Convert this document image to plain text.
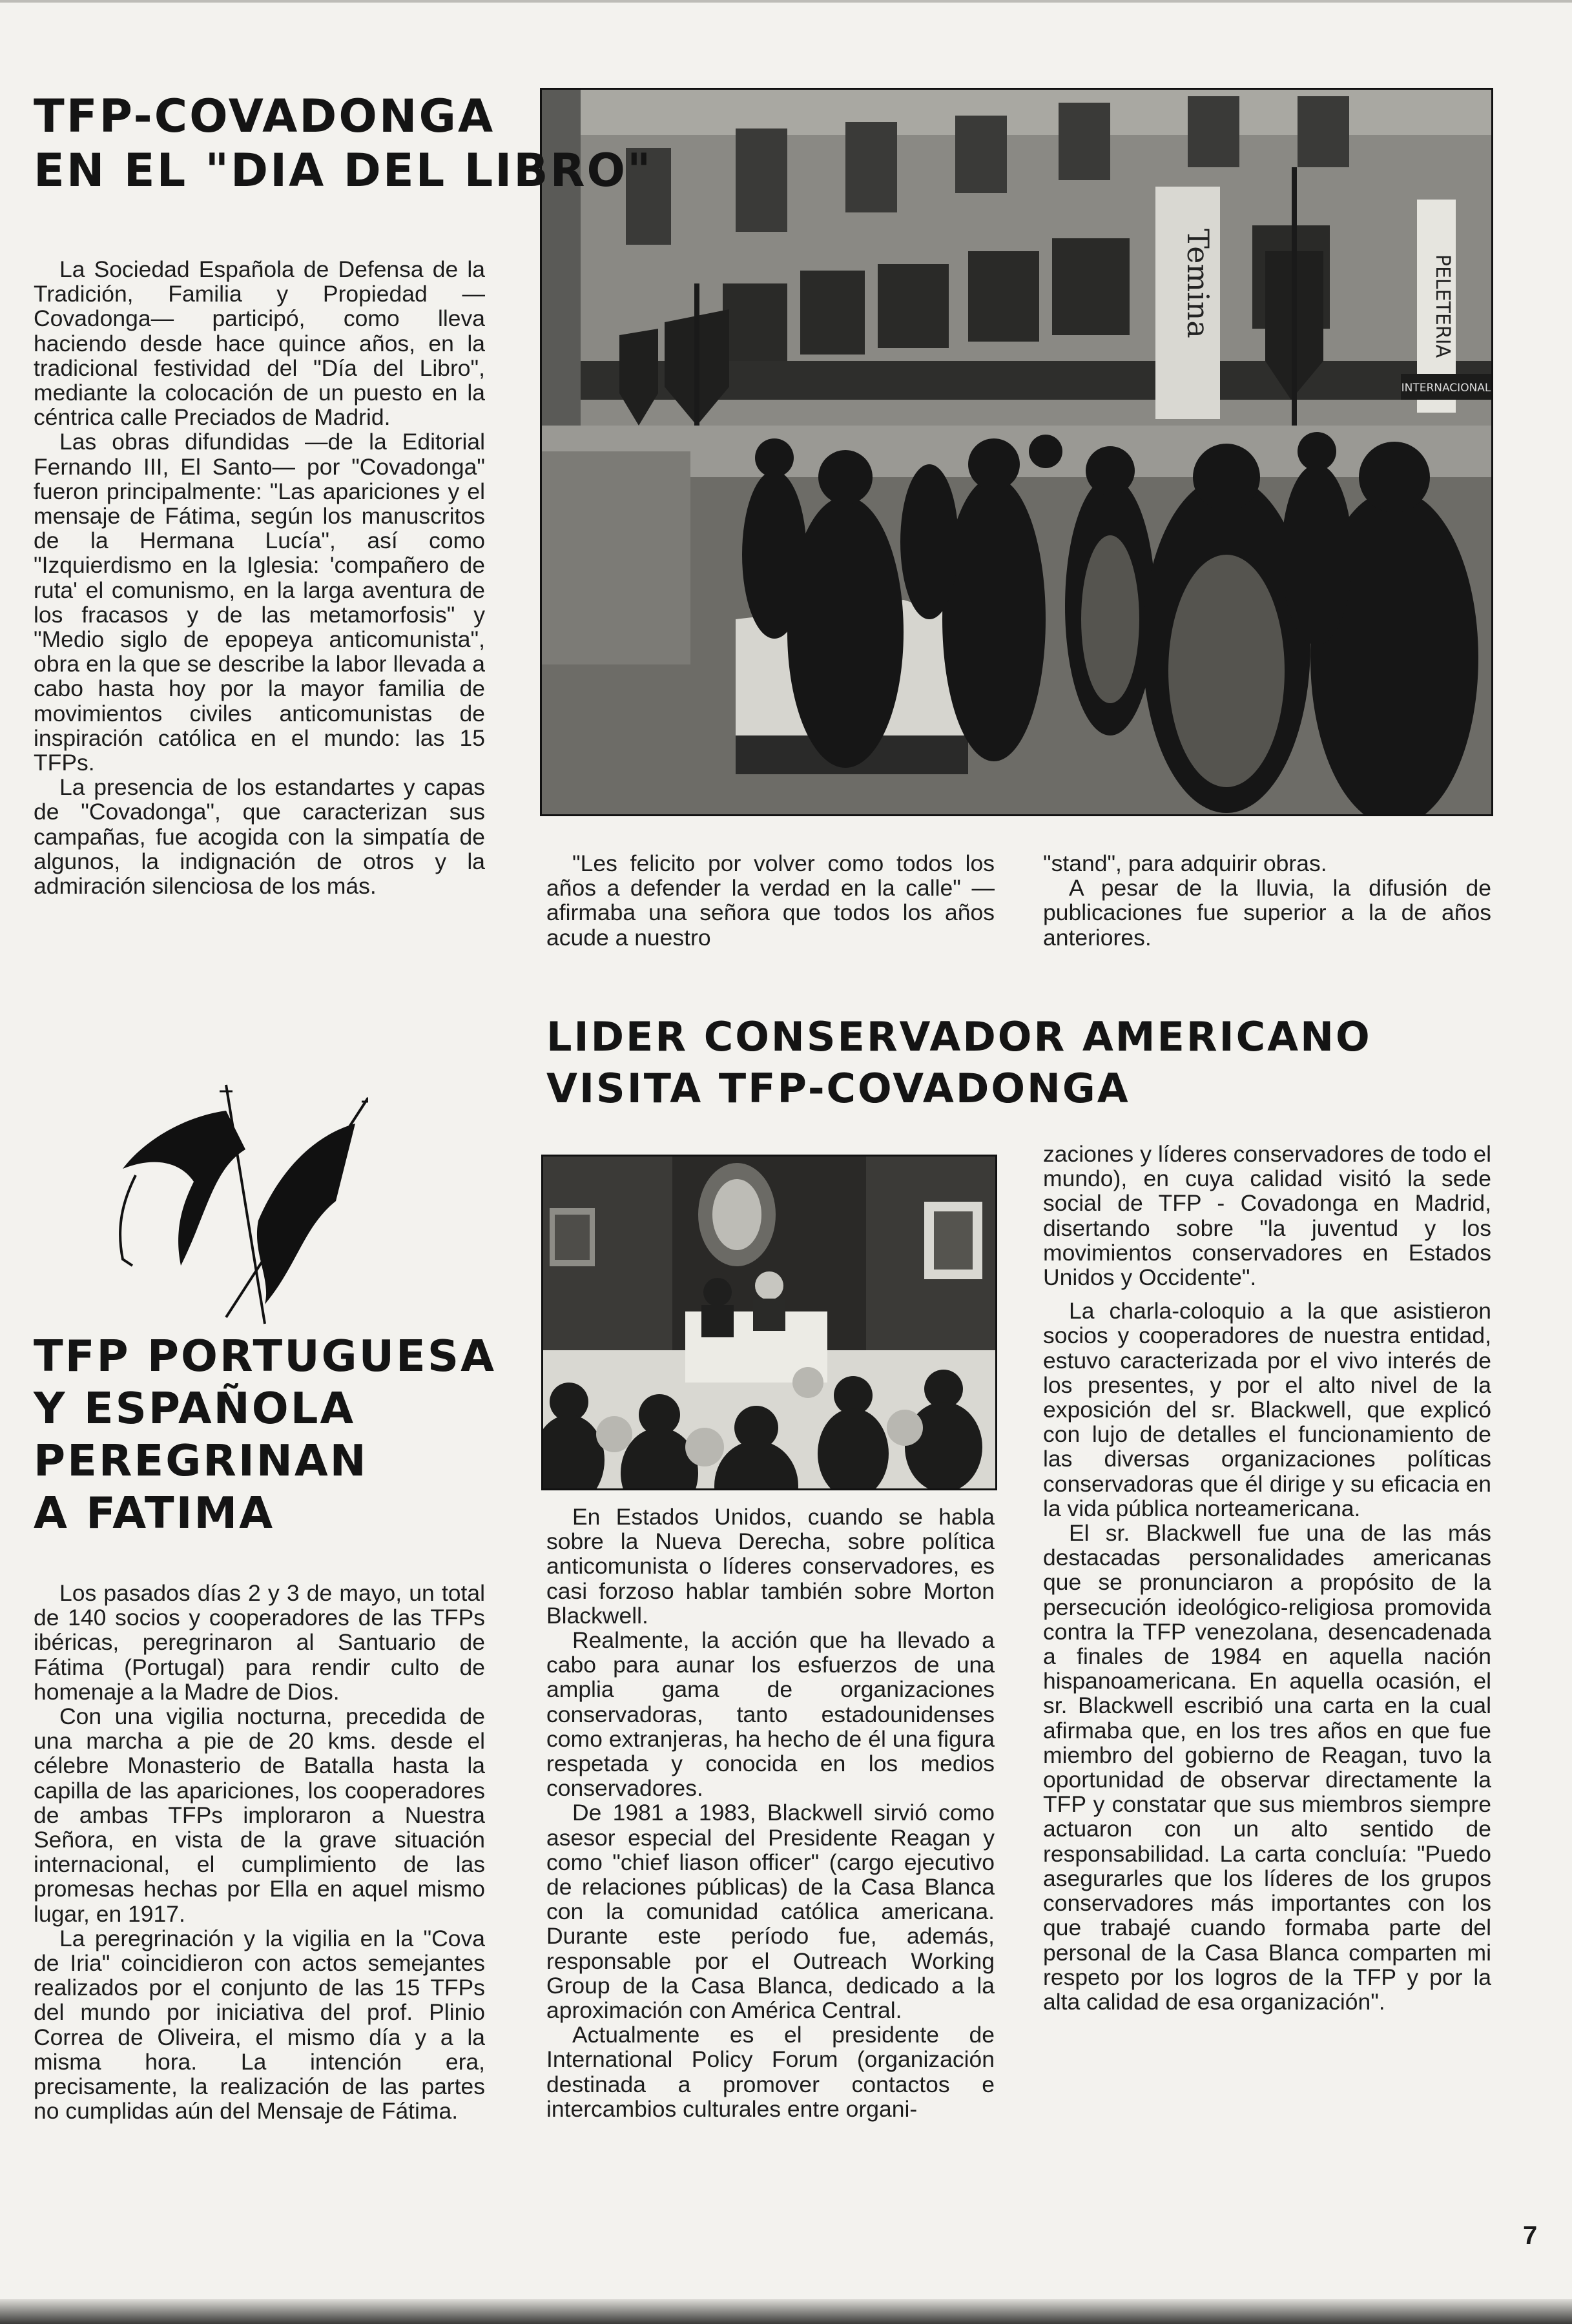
TFP-COVADONGA
EN EL "DIA DEL LIBRO"
Temina	PELETERIA
INTERNACIONAL

La Sociedad Española de Defensa de la Tradición, Familia y Propiedad —Covadonga— participó, como lleva haciendo desde hace quince años, en la tradicional festividad del "Día del Libro", mediante la colocación de un puesto en la céntrica calle Preciados de Madrid.

Las obras difundidas —de la Editorial Fernando III, El Santo— por "Covadonga" fueron principalmente: "Las apariciones y el mensaje de Fátima, según los manuscritos de la Hermana Lucía", así como "Izquierdismo en la Iglesia: 'compañero de ruta' el comunismo, en la larga aventura de los fracasos y de las metamorfosis" y "Medio siglo de epopeya anticomunista", obra en la que se describe la labor llevada a cabo hasta hoy por la mayor familia de movimientos civiles anticomunistas de inspiración católica en el mundo: las 15 TFPs.

La presencia de los estandartes y capas de "Covadonga", que caracterizan sus campañas, fue acogida con la simpatía de algunos, la indignación de otros y la admiración silenciosa de los más.

"Les felicito por volver como todos los años a defender la verdad en la calle" —afirmaba una señora que todos los años acude a nuestro

"stand", para adquirir obras.

A pesar de la lluvia, la difusión de publicaciones fue superior a la de años anteriores.

TFP PORTUGUESA
Y ESPAÑOLA
PEREGRINAN
A FATIMA

Los pasados días 2 y 3 de mayo, un total de 140 socios y cooperadores de las TFPs ibéricas, peregrinaron al Santuario de Fátima (Portugal) para rendir culto de homenaje a la Madre de Dios.

Con una vigilia nocturna, precedida de una marcha a pie de 20 kms. desde el célebre Monasterio de Batalla hasta la capilla de las apariciones, los cooperadores de ambas TFPs imploraron a Nuestra Señora, en vista de la grave situación internacional, el cumplimiento de las promesas hechas por Ella en aquel mismo lugar, en 1917.

La peregrinación y la vigilia en la "Cova de Iria" coincidieron con actos semejantes realizados por el conjunto de las 15 TFPs del mundo por iniciativa del prof. Plinio Correa de Oliveira, el mismo día y a la misma hora. La intención era, precisamente, la realización de las partes no cumplidas aún del Mensaje de Fátima.

LIDER CONSERVADOR AMERICANO
VISITA TFP-COVADONGA

En Estados Unidos, cuando se habla sobre la Nueva Derecha, sobre política anticomunista o líderes conservadores, es casi forzoso hablar también sobre Morton Blackwell.

Realmente, la acción que ha llevado a cabo para aunar los esfuerzos de una amplia gama de organizaciones conservadoras, tanto estadounidenses como extranjeras, ha hecho de él una figura respetada y conocida en los medios conservadores.

De 1981 a 1983, Blackwell sirvió como asesor especial del Presidente Reagan y como "chief liason officer" (cargo ejecutivo de relaciones públicas) de la Casa Blanca con la comunidad católica americana. Durante este período fue, además, responsable por el Outreach Working Group de la Casa Blanca, dedicado a la aproximación con América Central.

Actualmente es el presidente de International Policy Forum (organización destinada a promover contactos e intercambios culturales entre organi-

zaciones y líderes conservadores de todo el mundo), en cuya calidad visitó la sede social de TFP - Covadonga en Madrid, disertando sobre "la juventud y los movimientos conservadores en Estados Unidos y Occidente".

La charla-coloquio a la que asistieron socios y cooperadores de nuestra entidad, estuvo caracterizada por el vivo interés de los presentes, y por el alto nivel de la exposición del sr. Blackwell, que explicó con lujo de detalles el funcionamiento de las diversas organizaciones políticas conservadoras que él dirige y su eficacia en la vida pública norteamericana.

El sr. Blackwell fue una de las más destacadas personalidades americanas que se pronunciaron a propósito de la persecución ideológico-religiosa promovida contra la TFP venezolana, desencadenada a finales de 1984 en aquella nación hispanoamericana. En aquella ocasión, el sr. Blackwell escribió una carta en la cual afirmaba que, en los tres años en que fue miembro del gobierno de Reagan, tuvo la oportunidad de observar directamente la TFP y constatar que sus miembros siempre actuaron con un alto sentido de responsabilidad. La carta concluía: "Puedo asegurarles que los líderes de los grupos conservadores más importantes con los que trabajé cuando formaba parte del personal de la Casa Blanca comparten mi respeto por los logros de la TFP y por la alta calidad de esa organización".

7
